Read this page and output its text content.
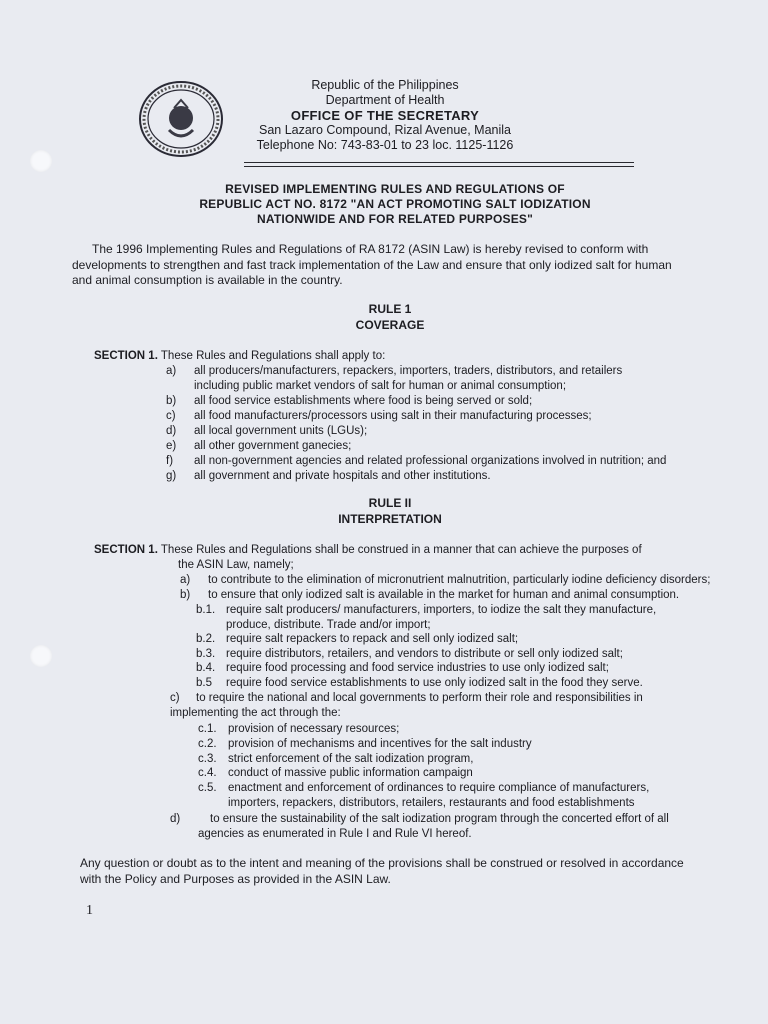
Republic of the Philippines
Department of Health
OFFICE OF THE SECRETARY
San Lazaro Compound, Rizal Avenue, Manila
Telephone No: 743-83-01 to 23 loc. 1125-1126
REVISED IMPLEMENTING RULES AND REGULATIONS OF
REPUBLIC ACT NO. 8172 "AN ACT PROMOTING SALT IODIZATION
NATIONWIDE AND FOR RELATED PURPOSES"
The 1996 Implementing Rules and Regulations of RA 8172 (ASIN Law) is hereby revised to conform with
developments to strengthen and fast track implementation of the Law and ensure that only iodized salt for human
and animal consumption is available in the country.
RULE 1
COVERAGE
SECTION 1. These Rules and Regulations shall apply to:
a) all producers/manufacturers, repackers, importers, traders, distributors, and retailers
including public market vendors of salt for human or animal consumption;
b) all food service establishments where food is being served or sold;
c) all food manufacturers/processors using salt in their manufacturing processes;
d) all local government units (LGUs);
e) all other government ganecies;
f) all non-government agencies and related professional organizations involved in nutrition; and
g) all government and private hospitals and other institutions.
RULE II
INTERPRETATION
SECTION 1. These Rules and Regulations shall be construed in a manner that can achieve the purposes of
the ASIN Law, namely;
a) to contribute to the elimination of micronutrient malnutrition, particularly iodine deficiency disorders;
b) to ensure that only iodized salt is available in the market for human and animal consumption.
b.1. require salt producers/ manufacturers, importers, to iodize the salt they manufacture,
produce, distribute. Trade and/or import;
b.2. require salt repackers to repack and sell only iodized salt;
b.3. require distributors, retailers, and vendors to distribute or sell only iodized salt;
b.4. require food processing and food service industries to use only iodized salt;
b.5 require food service establishments to use only iodized salt in the food they serve.
c) to require the national and local governments to perform their role and responsibilities in
implementing the act through the:
c.1. provision of necessary resources;
c.2. provision of mechanisms and incentives for the salt industry
c.3. strict enforcement of the salt iodization program,
c.4. conduct of massive public information campaign
c.5. enactment and enforcement of ordinances to require compliance of manufacturers,
importers, repackers, distributors, retailers, restaurants and food establishments
d)	to ensure the sustainability of the salt iodization program through the concerted effort of all
agencies as enumerated in Rule I and Rule VI hereof.
Any question or doubt as to the intent and meaning of the provisions shall be construed or resolved in accordance
with the Policy and Purposes as provided in the ASIN Law.
1
